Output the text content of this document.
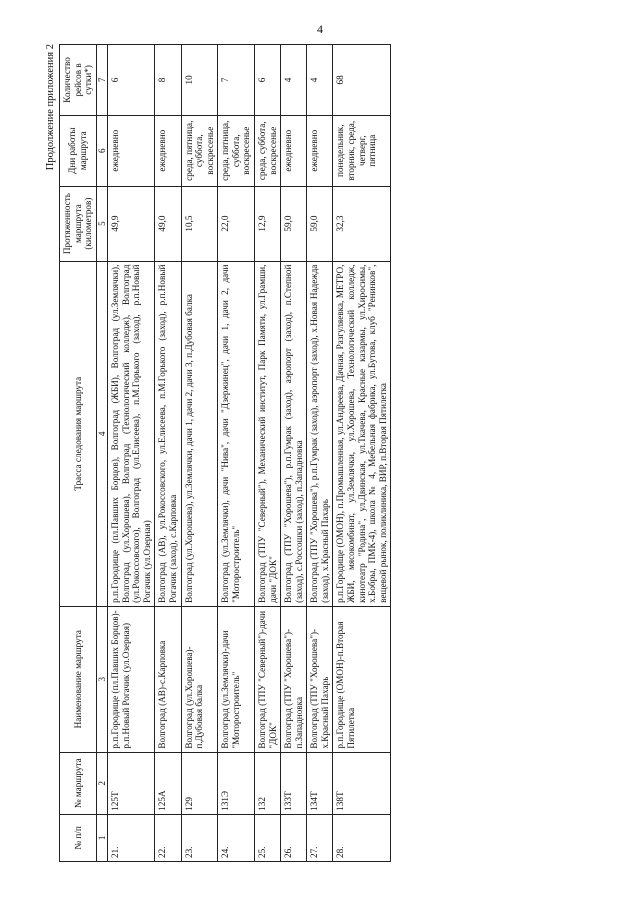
4
Продолжение приложения 2
№ п/п	№ маршрута	Наименование маршрута	Трасса следования маршрута	Протяженность маршрута (километров)	Дни работы маршрута	Количество рейсов в сутки*)
1	2	3	4	5	6	7
21.	125Т	р.п.Городище (пл.Павших Борцов)-р.п.Новый Рогачик (ул.Озерная)	р.п.Городище (пл.Павших Борцов), Волгоград (ЖБИ), Волгоград (ул.Землячки), Волгоград (ул.Хорошева), Волгоград (Технологический колледж), Волгоград (ул.Рокоссовского), Волгоград (ул.Елисеева), п.М.Горького (заход), р.п.Новый Рогачик (ул.Озерная)	49,9	ежедневно	6
22.	125А	Волгоград (АВ)-с.Карповка	Волгоград (АВ), ул.Рокоссовского, ул.Елисеева, п.М.Горького (заход), р.п.Новый Рогачик (заход), с.Карповка	49,0	ежедневно	8
23.	129	Волгоград (ул.Хорошева)-п.Дубовая балка	Волгоград (ул.Хорошева), ул.Землячки, дачи 1, дачи 2, дачи 3, п.Дубовая балка	10,5	среда, пятница, суббота, воскресенье	10
24.	131Э	Волгоград (ул.Землячки)-дачи "Моторостроитель"	Волгоград (ул.Землячки), дачи "Нива", дачи "Дзержинец", дачи 1, дачи 2, дачи "Моторостроитель"	22,0	среда, пятница, суббота, воскресенье	7
25.	132	Волгоград (ТПУ "Северный")-дачи "ДОК"	Волгоград (ТПУ "Северный"), Механический институт, Парк Памяти, ул.Грамши, дачи "ДОК"	12,9	среда, суббота, воскресенье	6
26.	133Т	Волгоград (ТПУ "Хорошева")-п.Западновка	Волгоград (ТПУ "Хорошева"), р.п.Гумрак (заход), аэропорт (заход), п.Степной (заход), с.Россошки (заход), п.Западновка	59,0	ежедневно	4
27.	134Т	Волгоград (ТПУ "Хорошева")-х.Красный Пахарь	Волгоград (ТПУ "Хорошева"), р.п.Гумрак (заход), аэропорт (заход), х.Новая Надежда (заход), х.Красный Пахарь	59,0	ежедневно	4
28.	138Т	р.п.Городище (ОМОН)-п.Вторая Пятилетка	р.п.Городище (ОМОН), п.Промышленная, ул.Андреева, Дачная, Разгуляевка, МЕТРО, ЖБИ, мясокомбинат, ул.Землячки, ул.Хорошева, Технологический колледж, кинотеатр "Родина", ул.Двинская, ул.Ткачева, Красные казармы, ул.Хиросимы, х.Бобры, ПМК-4), школа № 4, Мебельная фабрика, ул.Бутова, клуб "Ренинков", вещевой рынок, поликлиника, ВИР, п.Вторая Пятилетка	32,3	понедельник, вторник, среда, четверг, пятница	68
